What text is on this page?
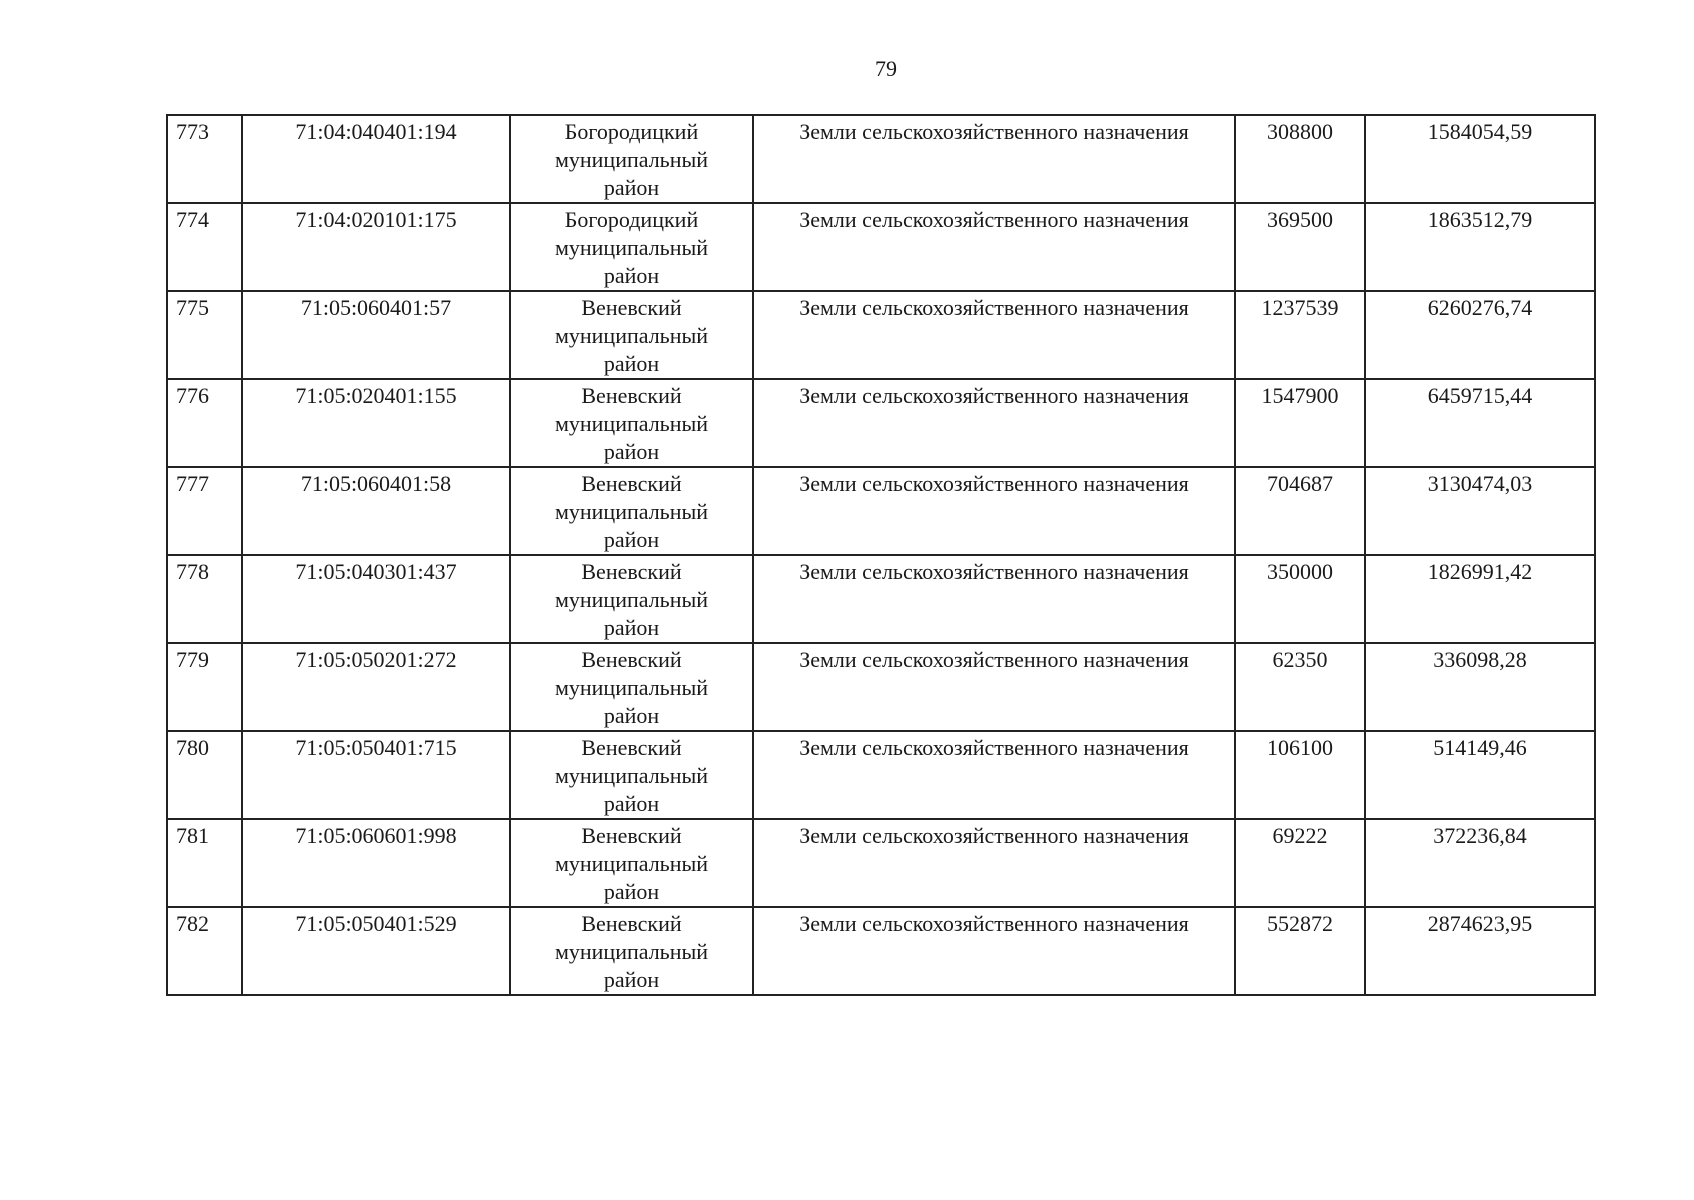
79
773	71:04:040401:194	Богородицкий
муниципальный
район	Земли сельскохозяйственного назначения	308800	1584054,59
774	71:04:020101:175	Богородицкий
муниципальный
район	Земли сельскохозяйственного назначения	369500	1863512,79
775	71:05:060401:57	Веневский
муниципальный
район	Земли сельскохозяйственного назначения	1237539	6260276,74
776	71:05:020401:155	Веневский
муниципальный
район	Земли сельскохозяйственного назначения	1547900	6459715,44
777	71:05:060401:58	Веневский
муниципальный
район	Земли сельскохозяйственного назначения	704687	3130474,03
778	71:05:040301:437	Веневский
муниципальный
район	Земли сельскохозяйственного назначения	350000	1826991,42
779	71:05:050201:272	Веневский
муниципальный
район	Земли сельскохозяйственного назначения	62350	336098,28
780	71:05:050401:715	Веневский
муниципальный
район	Земли сельскохозяйственного назначения	106100	514149,46
781	71:05:060601:998	Веневский
муниципальный
район	Земли сельскохозяйственного назначения	69222	372236,84
782	71:05:050401:529	Веневский
муниципальный
район	Земли сельскохозяйственного назначения	552872	2874623,95
